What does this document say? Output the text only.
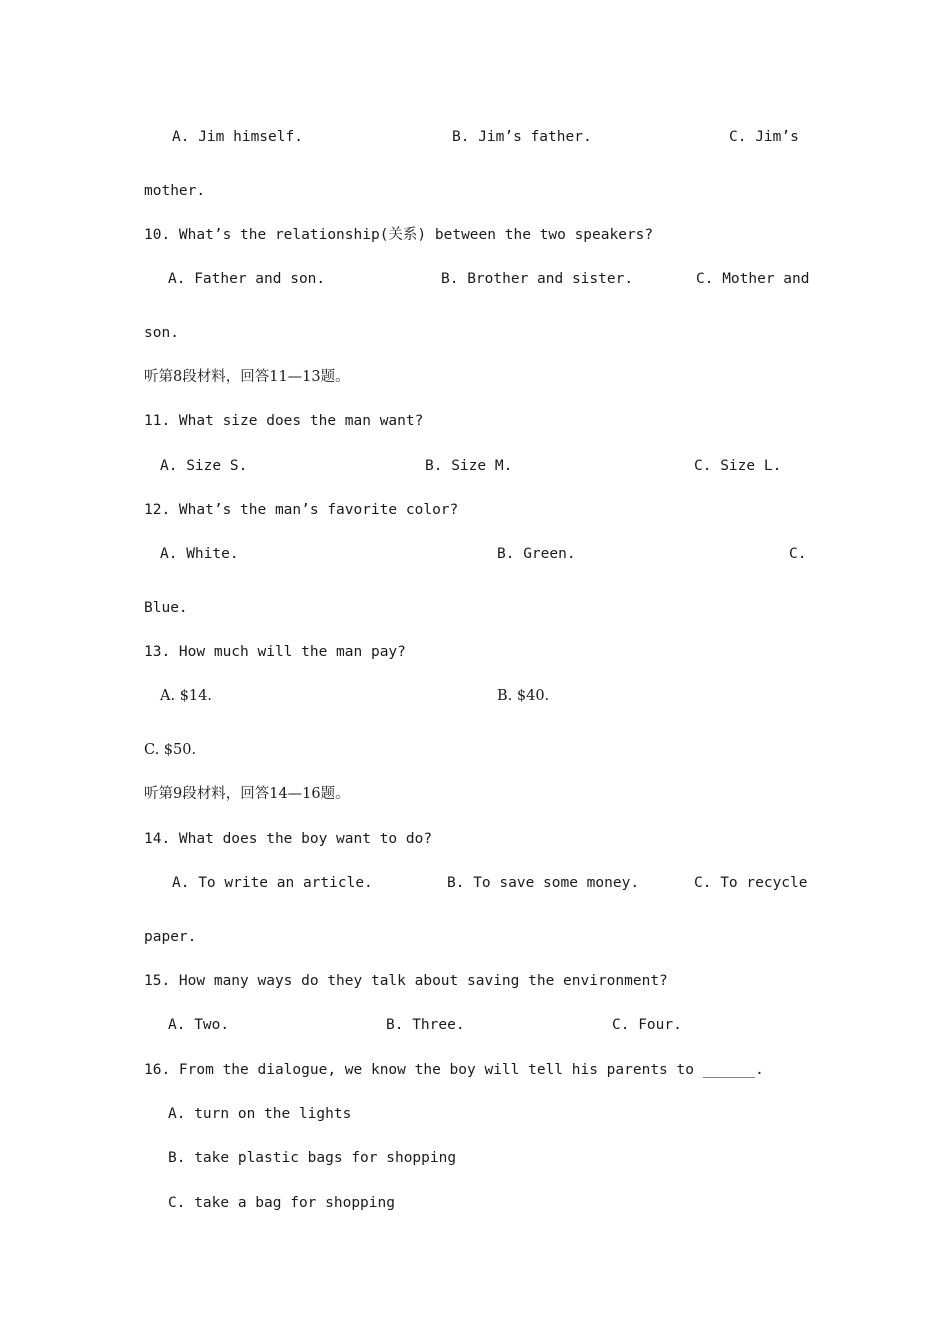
A. Jim himself.	B. Jim’s father.	C. Jim’s
mother.
10. What’s the relationship(关系) between the two speakers?
A. Father and son.	B. Brother and sister.	C. Mother and
son.
听第8段材料，回答11—13题。
11. What size does the man want?
A. Size S.	B. Size M.	C. Size L.
12. What’s the man’s favorite color?
A. White.	B. Green.	C.
Blue.
13. How much will the man pay?
A. $14.	B. $40.
C. $50.
听第9段材料，回答14—16题。
14. What does the boy want to do?
A. To write an article.	B. To save some money.	C. To recycle
paper.
15. How many ways do they talk about saving the environment?
A. Two.	B. Three.	C. Four.
16. From the dialogue, we know the boy will tell his parents to ______.
A. turn on the lights
B. take plastic bags for shopping
C. take a bag for shopping
